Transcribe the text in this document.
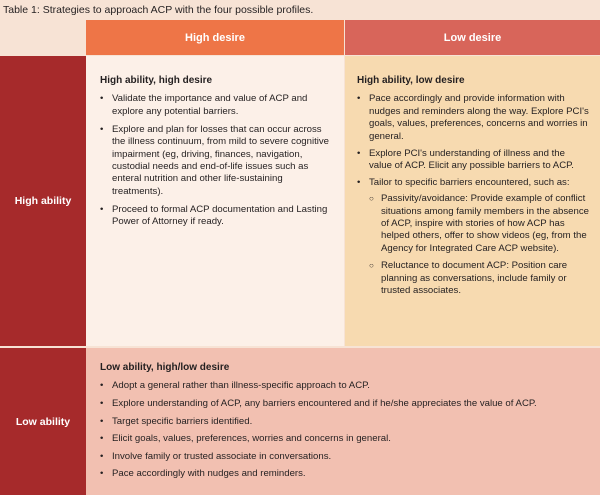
Table 1: Strategies to approach ACP with the four possible profiles.
High desire	Low desire
High ability
Low ability
High ability, high desire
• Validate the importance and value of ACP and explore any potential barriers.
• Explore and plan for losses that can occur across the illness continuum, from mild to severe cognitive impairment (eg, driving, finances, navigation, custodial needs and end-of-life issues such as enteral nutrition and other life-sustaining treatments).
• Proceed to formal ACP documentation and Lasting Power of Attorney if ready.
High ability, low desire
• Pace accordingly and provide information with nudges and reminders along the way. Explore PCI's goals, values, preferences, concerns and worries in general.
• Explore PCI's understanding of illness and the value of ACP. Elicit any possible barriers to ACP.
• Tailor to specific barriers encountered, such as:
○ Passivity/avoidance: Provide example of conflict situations among family members in the absence of ACP, inspire with stories of how ACP has helped others, offer to show videos (eg, from the Agency for Integrated Care ACP website).
○ Reluctance to document ACP: Position care planning as conversations, include family or trusted associates.
Low ability, high/low desire
• Adopt a general rather than illness-specific approach to ACP.
• Explore understanding of ACP, any barriers encountered and if he/she appreciates the value of ACP.
• Target specific barriers identified.
• Elicit goals, values, preferences, worries and concerns in general.
• Involve family or trusted associate in conversations.
• Pace accordingly with nudges and reminders.
